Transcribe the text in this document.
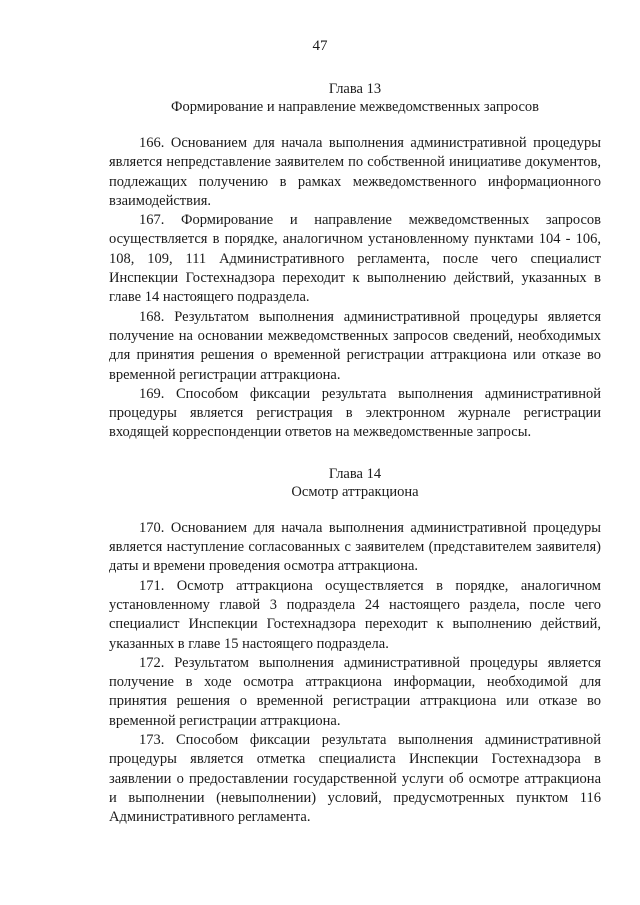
47
Глава 13
Формирование и направление межведомственных запросов

166. Основанием для начала выполнения административной процедуры является непредставление заявителем по собственной инициативе документов, подлежащих получению в рамках межведомственного информационного взаимодействия.

167. Формирование и направление межведомственных запросов осуществляется в порядке, аналогичном установленному пунктами 104 - 106, 108, 109, 111 Административного регламента, после чего специалист Инспекции Гостехнадзора переходит к выполнению действий, указанных в главе 14 настоящего подраздела.

168. Результатом выполнения административной процедуры является получение на основании межведомственных запросов сведений, необходимых для принятия решения о временной регистрации аттракциона или отказе во временной регистрации аттракциона.

169. Способом фиксации результата выполнения административной процедуры является регистрация в электронном журнале регистрации входящей корреспонденции ответов на межведомственные запросы.

Глава 14
Осмотр аттракциона

170. Основанием для начала выполнения административной процедуры является наступление согласованных с заявителем (представителем заявителя) даты и времени проведения осмотра аттракциона.

171. Осмотр аттракциона осуществляется в порядке, аналогичном установленному главой 3 подраздела 24 настоящего раздела, после чего специалист Инспекции Гостехнадзора переходит к выполнению действий, указанных в главе 15 настоящего подраздела.

172. Результатом выполнения административной процедуры является получение в ходе осмотра аттракциона информации, необходимой для принятия решения о временной регистрации аттракциона или отказе во временной регистрации аттракциона.

173. Способом фиксации результата выполнения административной процедуры является отметка специалиста Инспекции Гостехнадзора в заявлении о предоставлении государственной услуги об осмотре аттракциона и выполнении (невыполнении) условий, предусмотренных пунктом 116 Административного регламента.
